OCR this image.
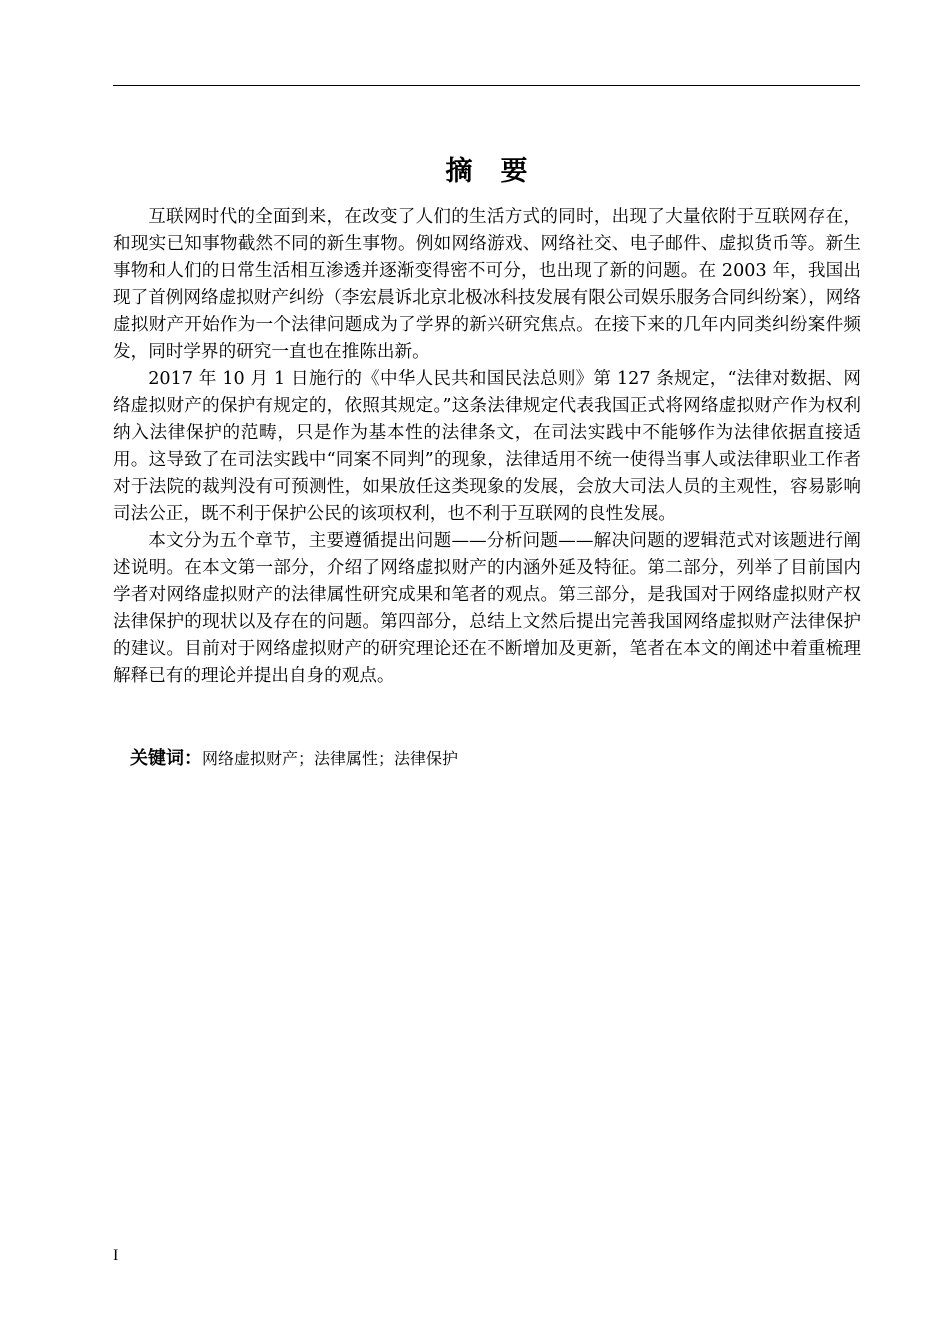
摘 要

互联网时代的全面到来，在改变了人们的生活方式的同时，出现了大量依附于互联网存在，和现实已知事物截然不同的新生事物。例如网络游戏、网络社交、电子邮件、虚拟货币等。新生事物和人们的日常生活相互渗透并逐渐变得密不可分，也出现了新的问题。在 2003 年，我国出现了首例网络虚拟财产纠纷（李宏晨诉北京北极冰科技发展有限公司娱乐服务合同纠纷案），网络虚拟财产开始作为一个法律问题成为了学界的新兴研究焦点。在接下来的几年内同类纠纷案件频发，同时学界的研究一直也在推陈出新。

2017 年 10 月 1 日施行的《中华人民共和国民法总则》第 127 条规定，“法律对数据、网络虚拟财产的保护有规定的，依照其规定。”这条法律规定代表我国正式将网络虚拟财产作为权利纳入法律保护的范畴，只是作为基本性的法律条文，在司法实践中不能够作为法律依据直接适用。这导致了在司法实践中“同案不同判”的现象，法律适用不统一使得当事人或法律职业工作者对于法院的裁判没有可预测性，如果放任这类现象的发展，会放大司法人员的主观性，容易影响司法公正，既不利于保护公民的该项权利，也不利于互联网的良性发展。

本文分为五个章节，主要遵循提出问题——分析问题——解决问题的逻辑范式对该题进行阐述说明。在本文第一部分，介绍了网络虚拟财产的内涵外延及特征。第二部分，列举了目前国内学者对网络虚拟财产的法律属性研究成果和笔者的观点。第三部分，是我国对于网络虚拟财产权法律保护的现状以及存在的问题。第四部分，总结上文然后提出完善我国网络虚拟财产法律保护的建议。目前对于网络虚拟财产的研究理论还在不断增加及更新，笔者在本文的阐述中着重梳理解释已有的理论并提出自身的观点。

关键词：网络虚拟财产；法律属性；法律保护
I
